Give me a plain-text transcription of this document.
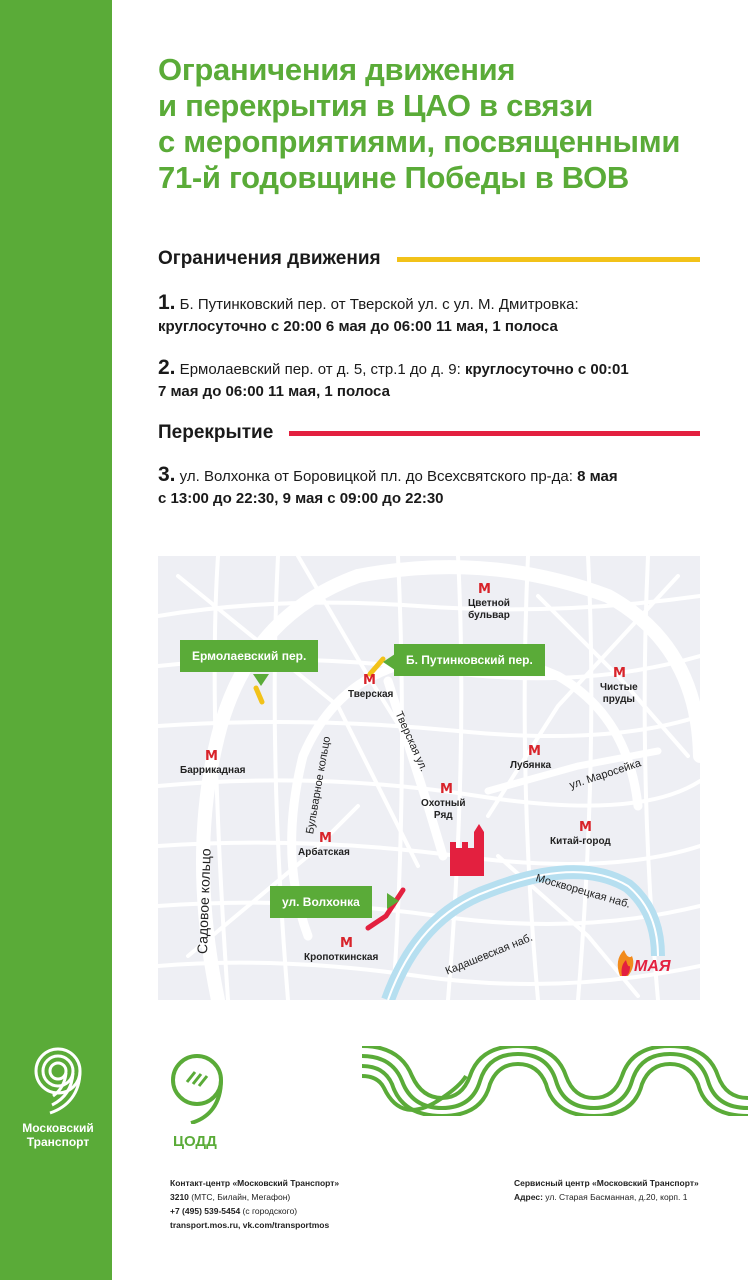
Московский
Транспорт
Ограничения движения
и перекрытия в ЦАО в связи
с мероприятиями, посвященными
71-й годовщине Победы в ВОВ
Ограничения движения
1. Б. Путинковский пер. от Тверской ул. с ул. М. Дмитровка:
круглосуточно с 20:00 6 мая до 06:00 11 мая, 1 полоса
2. Ермолаевский пер. от д. 5, стр.1 до д. 9: круглосуточно с 00:01
7 мая до 06:00 11 мая, 1 полоса
Перекрытие
3. ул. Волхонка от Боровицкой пл. до Всехсвятского пр-да: 8 мая
с 13:00 до 22:30, 9 мая с 09:00 до 22:30
Ермолаевский пер.	Б. Путинковский пер.
ул. Волхонка
М
Цветной
бульвар
М
Тверская
М
Чистые
пруды
М
Баррикадная
М
Лубянка
М
Охотный
Ряд
М
Китай-город
М
Арбатская
М
Кропоткинская
Бульварное кольцо	Тверская ул.
ул. Маросейка
Садовое кольцо	Москворецкая наб.
Кадашевская наб.	МАЯ
ЦОДД
Контакт-центр «Московский Транспорт»
3210 (МТС, Билайн, Мегафон)
+7 (495) 539-5454 (с городского)
transport.mos.ru, vk.com/transportmos
Сервисный центр «Московский Транспорт»
Адрес: ул. Старая Басманная, д.20, корп. 1
